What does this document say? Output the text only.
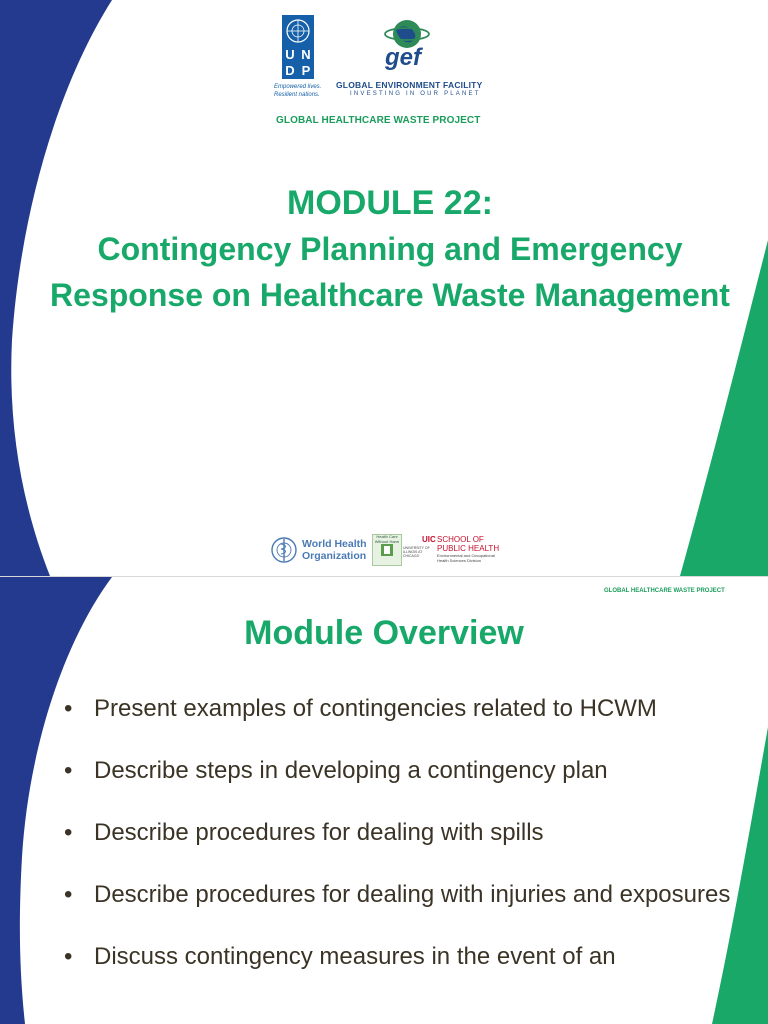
U N
D P
Empowered lives.
Resilient nations.
gef
GLOBAL ENVIRONMENT FACILITY
INVESTING IN OUR PLANET
GLOBAL HEALTHCARE WASTE PROJECT
MODULE 22:
Contingency Planning and Emergency Response on Healthcare Waste Management
World Health
Organization
Health Care Without Harm	UIC SCHOOL OF
PUBLIC HEALTH
UNIVERSITY OF ILLINOIS AT CHICAGO	Environmental and Occupational
Health Sciences Division
GLOBAL HEALTHCARE WASTE PROJECT
Module Overview
• Present examples of contingencies related to HCWM
• Describe steps in developing a contingency plan
• Describe procedures for dealing with spills
• Describe procedures for dealing with injuries and exposures
• Discuss contingency measures in the event of an
